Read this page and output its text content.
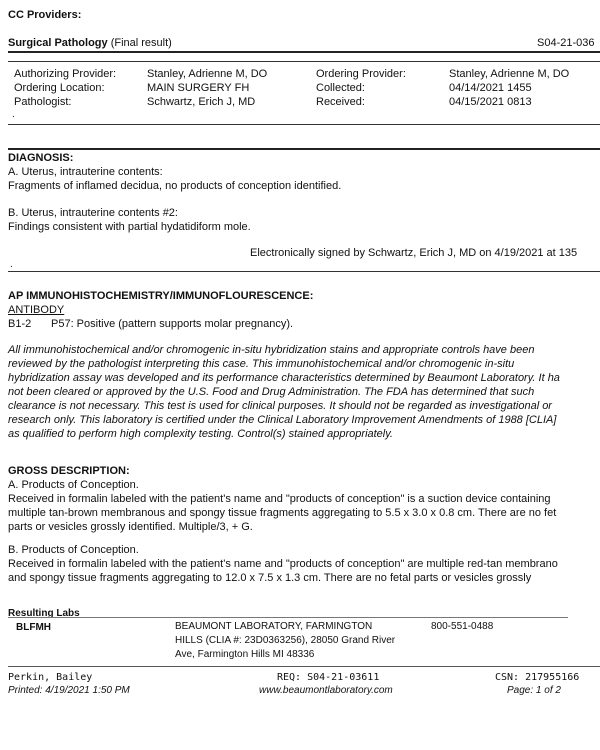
CC Providers:
Surgical Pathology (Final result)	S04-21-036
Authorizing Provider:	Stanley, Adrienne M, DO	Ordering Provider:	Stanley, Adrienne M, DO
Ordering Location:	MAIN SURGERY FH	Collected:	04/14/2021 1455
Pathologist:	Schwartz, Erich J, MD	Received:	04/15/2021 0813
.
DIAGNOSIS:
A. Uterus, intrauterine contents:
Fragments of inflamed decidua, no products of conception identified.
B. Uterus, intrauterine contents #2:
Findings consistent with partial hydatidiform mole.
Electronically signed by Schwartz, Erich J, MD on 4/19/2021 at 135
.
AP IMMUNOHISTOCHEMISTRY/IMMUNOFLOURESCENCE:
ANTIBODY
B1-2 P57: Positive (pattern supports molar pregnancy).
All immunohistochemical and/or chromogenic in-situ hybridization stains and appropriate controls have been
reviewed by the pathologist interpreting this case. This immunohistochemical and/or chromogenic in-situ
hybridization assay was developed and its performance characteristics determined by Beaumont Laboratory. It ha
not been cleared or approved by the U.S. Food and Drug Administration. The FDA has determined that such
clearance is not necessary. This test is used for clinical purposes. It should not be regarded as investigational or
research only. This laboratory is certified under the Clinical Laboratory Improvement Amendments of 1988 [CLIA]
as qualified to perform high complexity testing. Control(s) stained appropriately.
GROSS DESCRIPTION:
A. Products of Conception.
Received in formalin labeled with the patient's name and "products of conception" is a suction device containing
multiple tan-brown membranous and spongy tissue fragments aggregating to 5.5 x 3.0 x 0.8 cm. There are no fet
parts or vesicles grossly identified. Multiple/3, + G.
B. Products of Conception.
Received in formalin labeled with the patient's name and "products of conception" are multiple red-tan membrano
and spongy tissue fragments aggregating to 12.0 x 7.5 x 1.3 cm. There are no fetal parts or vesicles grossly
Resulting Labs
BLFMH	BEAUMONT LABORATORY, FARMINGTON
HILLS (CLIA #: 23D0363256), 28050 Grand River
Ave, Farmington Hills MI 48336
800-551-0488
Perkin, Bailey
Printed: 4/19/2021 1:50 PM
REQ: S04-21-03611
www.beaumontlaboratory.com
CSN: 217955166
Page: 1 of 2
